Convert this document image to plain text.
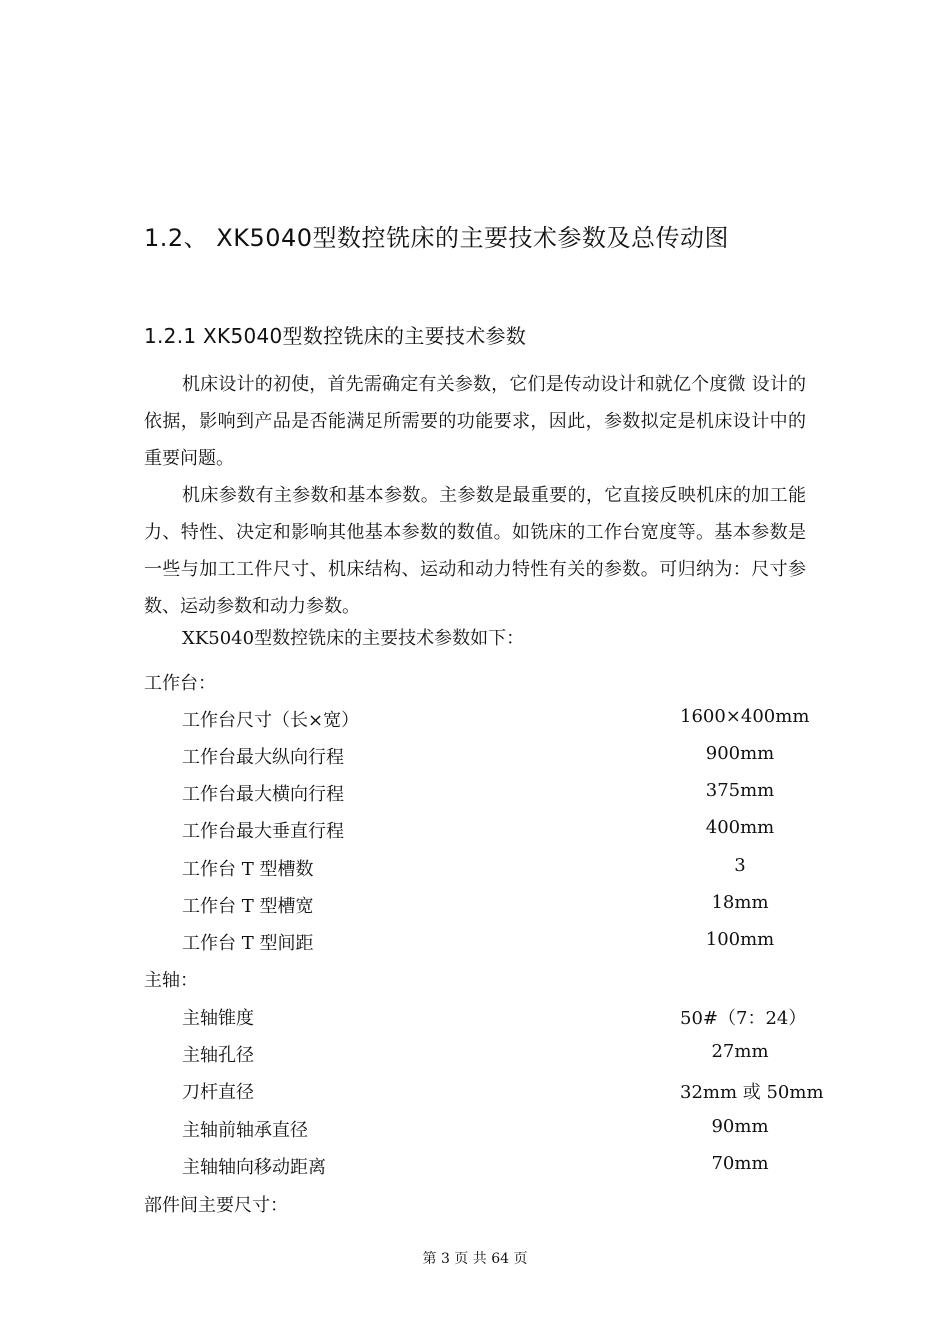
1.2、 XK5040型数控铣床的主要技术参数及总传动图
1.2.1 XK5040型数控铣床的主要技术参数

机床设计的初使，首先需确定有关参数，它们是传动设计和就亿个度微 设计的依据，影响到产品是否能满足所需要的功能要求，因此，参数拟定是机床设计中的重要问题。

机床参数有主参数和基本参数。主参数是最重要的，它直接反映机床的加工能力、特性、决定和影响其他基本参数的数值。如铣床的工作台宽度等。基本参数是一些与加工工件尺寸、机床结构、运动和动力特性有关的参数。可归纳为：尺寸参数、运动参数和动力参数。

XK5040型数控铣床的主要技术参数如下：
工作台：
工作台尺寸（长×宽）	1600×400mm
工作台最大纵向行程	900mm
工作台最大横向行程	375mm
工作台最大垂直行程	400mm
工作台 T 型槽数	3
工作台 T 型槽宽	18mm
工作台 T 型间距	100mm
主轴：
主轴锥度	50#（7：24）
主轴孔径	27mm
刀杆直径	32mm 或 50mm
主轴前轴承直径	90mm
主轴轴向移动距离	70mm
部件间主要尺寸：
第 3 页 共 64 页
